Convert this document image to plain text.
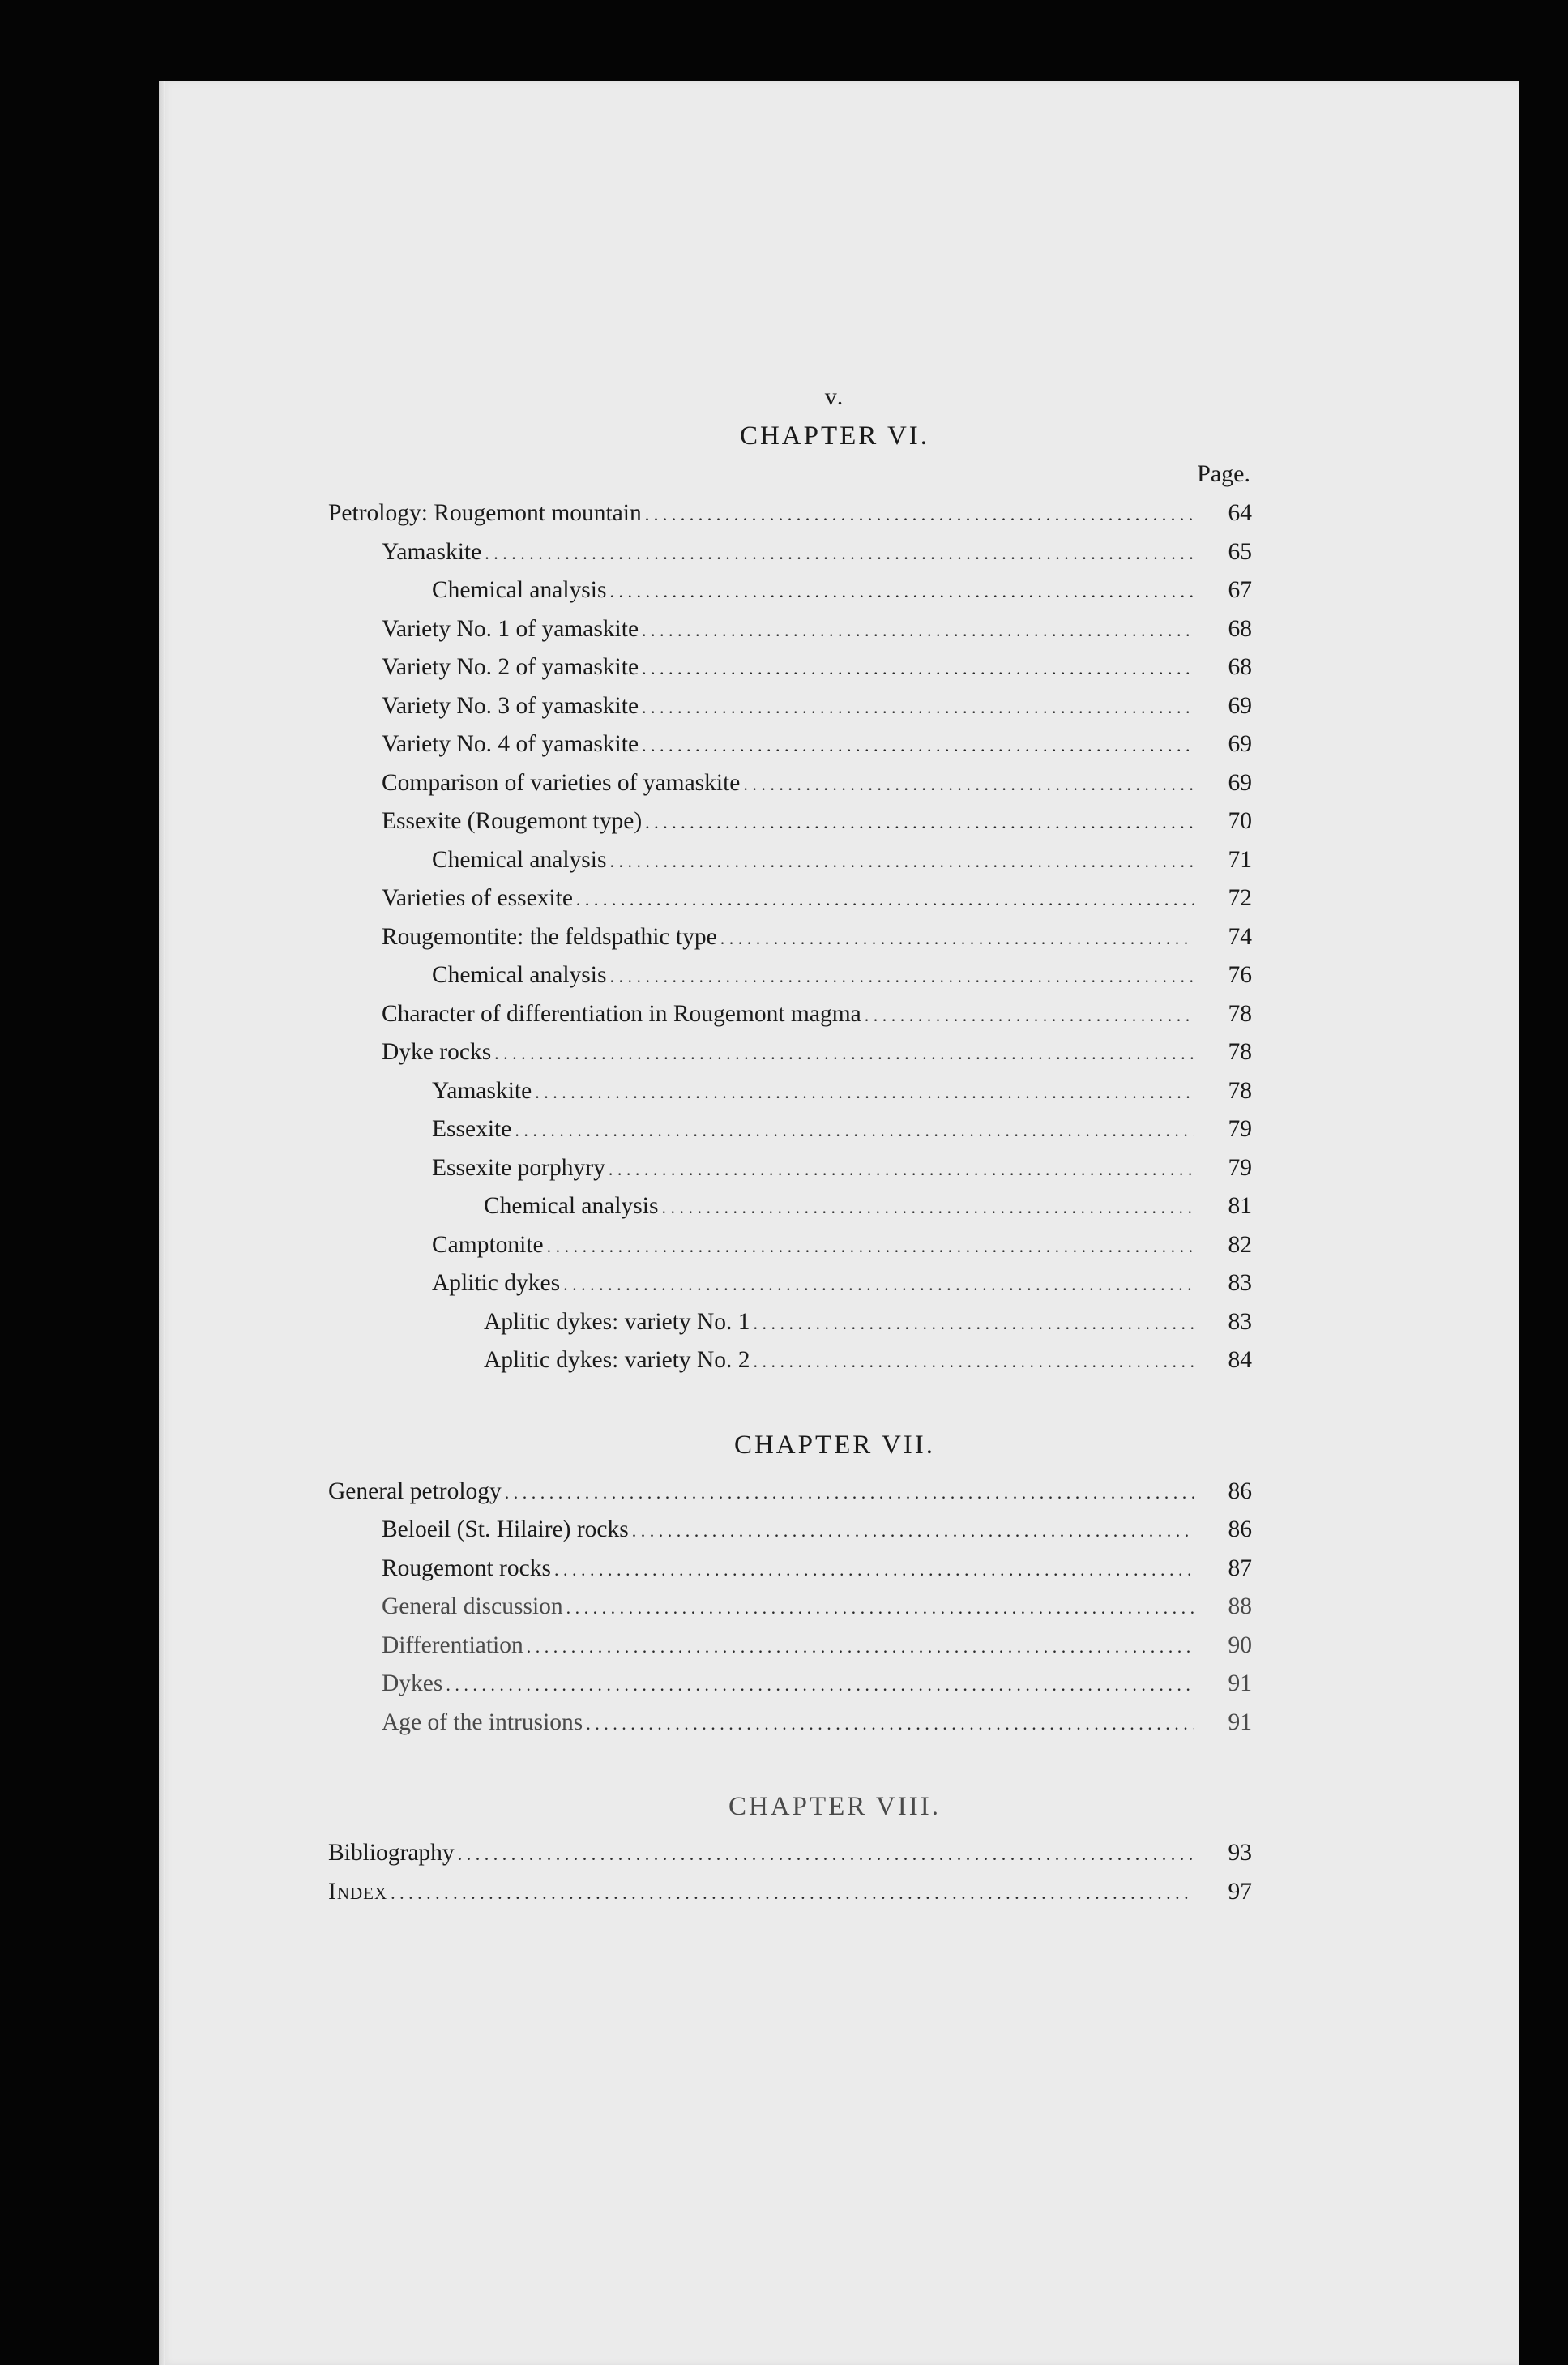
v.
CHAPTER VI.
Page.
Petrology: Rougemont mountain . . .	64
Yamaskite . . .	65
Chemical analysis . . .	67
Variety No. 1 of yamaskite . . .	68
Variety No. 2 of yamaskite . . .	68
Variety No. 3 of yamaskite . . .	69
Variety No. 4 of yamaskite . . .	69
Comparison of varieties of yamaskite . . .	69
Essexite (Rougemont type) . . .	70
Chemical analysis . . .	71
Varieties of essexite . . .	72
Rougemontite: the feldspathic type . . .	74
Chemical analysis . . .	76
Character of differentiation in Rougemont magma . . .	78
Dyke rocks . . .	78
Yamaskite . . .	78
Essexite . . .	79
Essexite porphyry . . .	79
Chemical analysis . . .	81
Camptonite . . .	82
Aplitic dykes . . .	83
Aplitic dykes: variety No. 1 . . .	83
Aplitic dykes: variety No. 2 . . .	84
CHAPTER VII.
General petrology . . .	86
Beloeil (St. Hilaire) rocks . . .	86
Rougemont rocks . . .	87
General discussion . . .	88
Differentiation . . .	90
Dykes . . .	91
Age of the intrusions . . .	91
CHAPTER VIII.
Bibliography . . .	93
Index . . .	97
